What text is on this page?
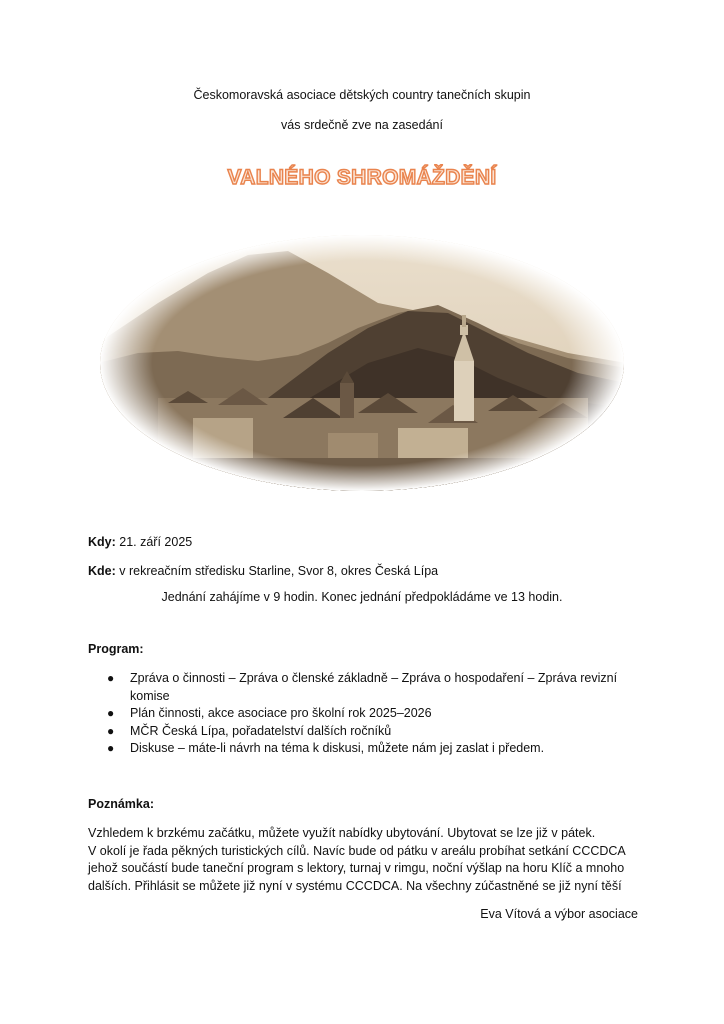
Českomoravská asociace dětských country tanečních skupin
vás srdečně zve na zasedání
VALNÉHO SHROMÁŽDĚNÍ
Kdy: 21. září 2025
Kde: v rekreačním středisku Starline, Svor 8, okres Česká Lípa
Jednání zahájíme v 9 hodin. Konec jednání předpokládáme ve 13 hodin.
Program:
● Zpráva o činnosti – Zpráva o členské základně – Zpráva o hospodaření – Zpráva revizní komise
● Plán činnosti, akce asociace pro školní rok 2025–2026
● MČR Česká Lípa, pořadatelství dalších ročníků
● Diskuse – máte-li návrh na téma k diskusi, můžete nám jej zaslat i předem.
Poznámka:
Vzhledem k brzkému začátku, můžete využít nabídky ubytování. Ubytovat se lze již v pátek.
V okolí je řada pěkných turistických cílů. Navíc bude od pátku v areálu probíhat setkání CCCDCA
jehož součástí bude taneční program s lektory, turnaj v rimgu, noční výšlap na horu Klíč a mnoho
dalších. Přihlásit se můžete již nyní v systému CCCDCA. Na všechny zúčastněné se již nyní těší
Eva Vítová a výbor asociace
